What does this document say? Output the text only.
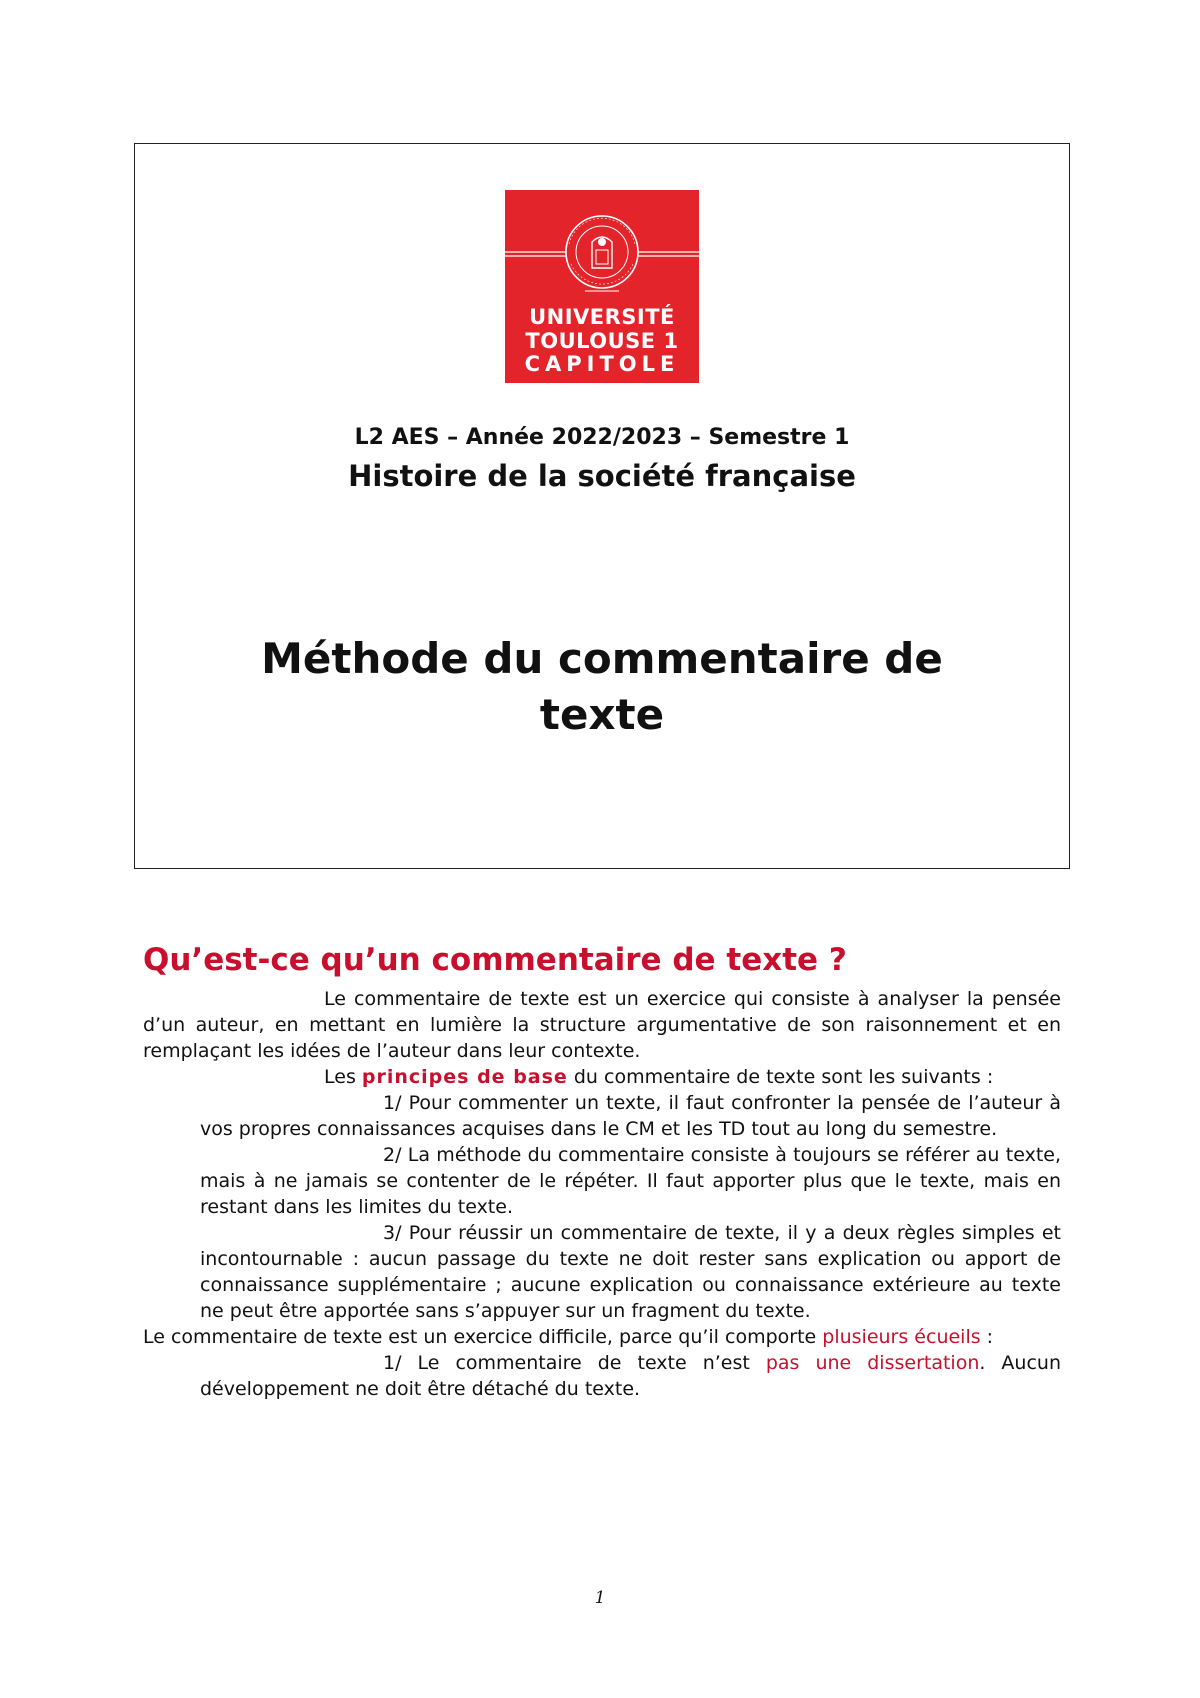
UNIVERSITÉ
TOULOUSE 1
CAPITOLE
L2 AES – Année 2022/2023 – Semestre 1
Histoire de la société française
Méthode du commentaire de
texte
Qu’est-ce qu’un commentaire de texte ?

Le commentaire de texte est un exercice qui consiste à analyser la pensée d’un auteur, en mettant en lumière la structure argumentative de son raisonnement et en remplaçant les idées de l’auteur dans leur contexte.

Les principes de base du commentaire de texte sont les suivants :

1/ Pour commenter un texte, il faut confronter la pensée de l’auteur à vos propres connaissances acquises dans le CM et les TD tout au long du semestre.

2/ La méthode du commentaire consiste à toujours se référer au texte, mais à ne jamais se contenter de le répéter. Il faut apporter plus que le texte, mais en restant dans les limites du texte.

3/ Pour réussir un commentaire de texte, il y a deux règles simples et incontournable : aucun passage du texte ne doit rester sans explication ou apport de connaissance supplémentaire ; aucune explication ou connaissance extérieure au texte ne peut être apportée sans s’appuyer sur un fragment du texte.

Le commentaire de texte est un exercice difficile, parce qu’il comporte plusieurs écueils :

1/ Le commentaire de texte n’est pas une dissertation. Aucun développement ne doit être détaché du texte.

1
